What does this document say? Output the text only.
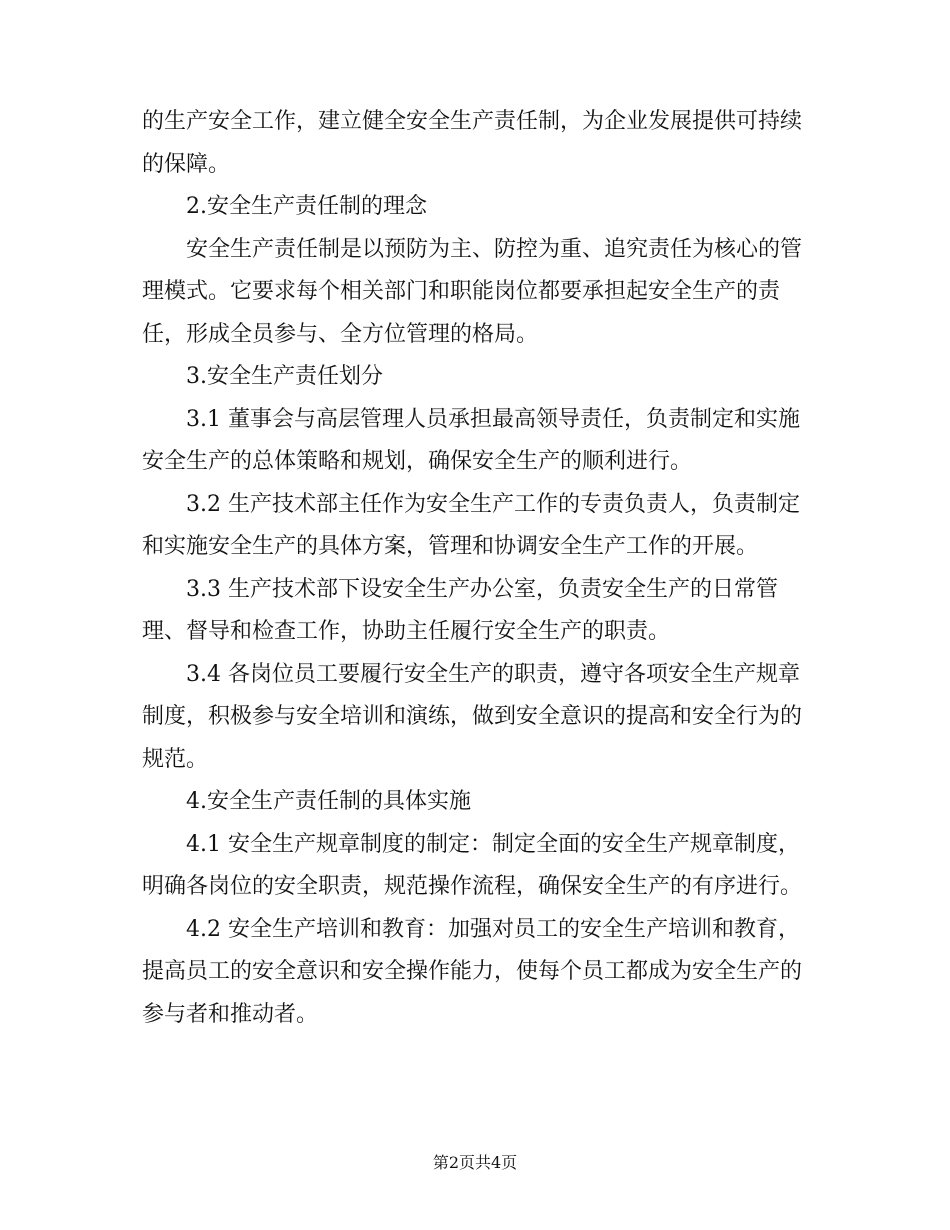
的生产安全工作，建立健全安全生产责任制，为企业发展提供可持续的保障。

2.安全生产责任制的理念

安全生产责任制是以预防为主、防控为重、追究责任为核心的管理模式。它要求每个相关部门和职能岗位都要承担起安全生产的责任，形成全员参与、全方位管理的格局。

3.安全生产责任划分

3.1 董事会与高层管理人员承担最高领导责任，负责制定和实施安全生产的总体策略和规划，确保安全生产的顺利进行。

3.2 生产技术部主任作为安全生产工作的专责负责人，负责制定和实施安全生产的具体方案，管理和协调安全生产工作的开展。

3.3 生产技术部下设安全生产办公室，负责安全生产的日常管理、督导和检查工作，协助主任履行安全生产的职责。

3.4 各岗位员工要履行安全生产的职责，遵守各项安全生产规章制度，积极参与安全培训和演练，做到安全意识的提高和安全行为的规范。

4.安全生产责任制的具体实施

4.1 安全生产规章制度的制定：制定全面的安全生产规章制度，明确各岗位的安全职责，规范操作流程，确保安全生产的有序进行。

4.2 安全生产培训和教育：加强对员工的安全生产培训和教育，提高员工的安全意识和安全操作能力，使每个员工都成为安全生产的参与者和推动者。

第2页共4页
